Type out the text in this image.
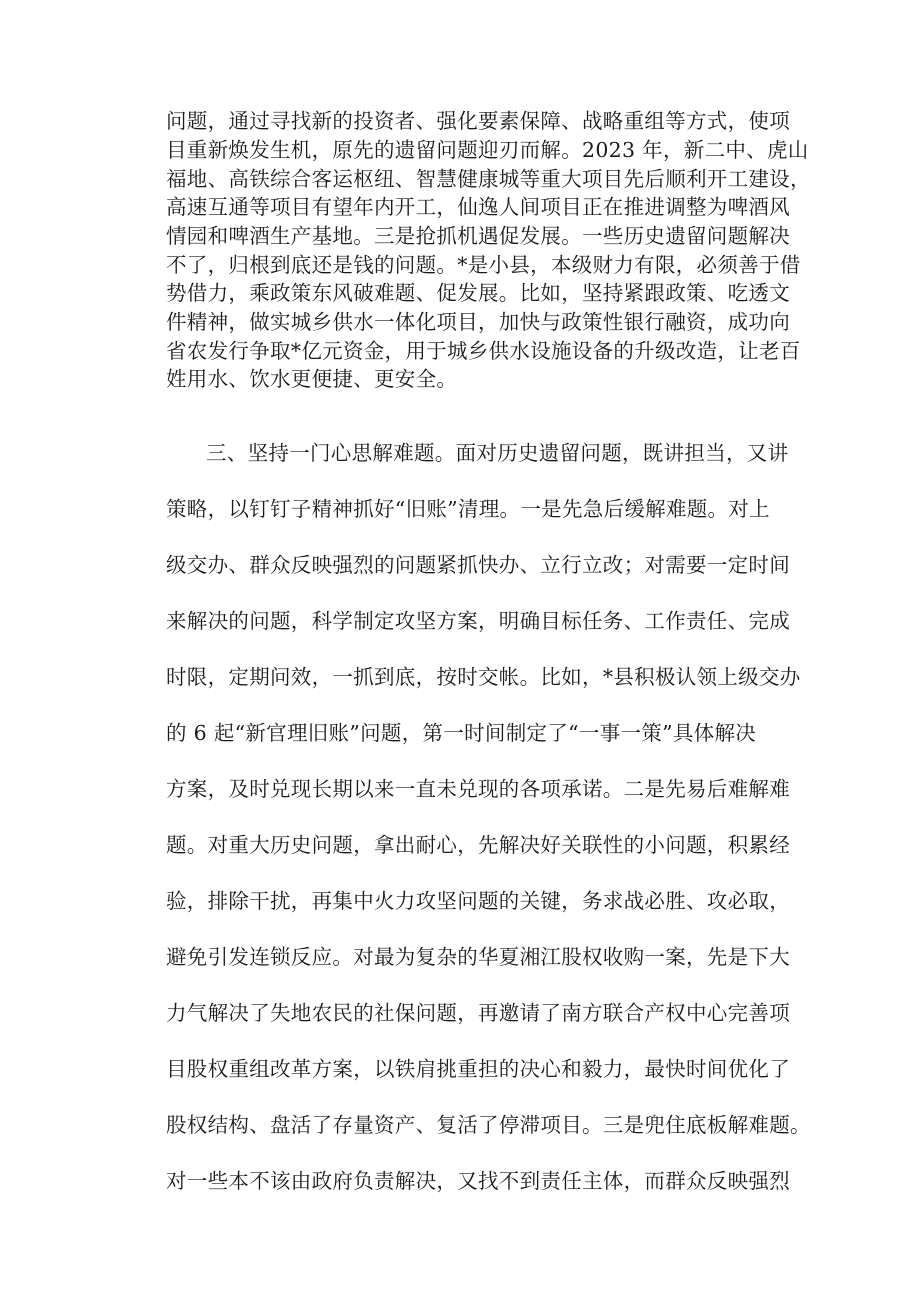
问题，通过寻找新的投资者、强化要素保障、战略重组等方式，使项
目重新焕发生机，原先的遗留问题迎刃而解。2023 年，新二中、虎山
福地、高铁综合客运枢纽、智慧健康城等重大项目先后顺利开工建设，
高速互通等项目有望年内开工，仙逸人间项目正在推进调整为啤酒风
情园和啤酒生产基地。三是抢抓机遇促发展。一些历史遗留问题解决
不了，归根到底还是钱的问题。*是小县，本级财力有限，必须善于借
势借力，乘政策东风破难题、促发展。比如，坚持紧跟政策、吃透文
件精神，做实城乡供水一体化项目，加快与政策性银行融资，成功向
省农发行争取*亿元资金，用于城乡供水设施设备的升级改造，让老百
姓用水、饮水更便捷、更安全。
三、坚持一门心思解难题。面对历史遗留问题，既讲担当，又讲
策略，以钉钉子精神抓好“旧账”清理。一是先急后缓解难题。对上
级交办、群众反映强烈的问题紧抓快办、立行立改；对需要一定时间
来解决的问题，科学制定攻坚方案，明确目标任务、工作责任、完成
时限，定期问效，一抓到底，按时交帐。比如，*县积极认领上级交办
的 6 起“新官理旧账”问题，第一时间制定了“一事一策”具体解决
方案，及时兑现长期以来一直未兑现的各项承诺。二是先易后难解难
题。对重大历史问题，拿出耐心，先解决好关联性的小问题，积累经
验，排除干扰，再集中火力攻坚问题的关键，务求战必胜、攻必取，
避免引发连锁反应。对最为复杂的华夏湘江股权收购一案，先是下大
力气解决了失地农民的社保问题，再邀请了南方联合产权中心完善项
目股权重组改革方案，以铁肩挑重担的决心和毅力，最快时间优化了
股权结构、盘活了存量资产、复活了停滞项目。三是兜住底板解难题。
对一些本不该由政府负责解决，又找不到责任主体，而群众反映强烈
